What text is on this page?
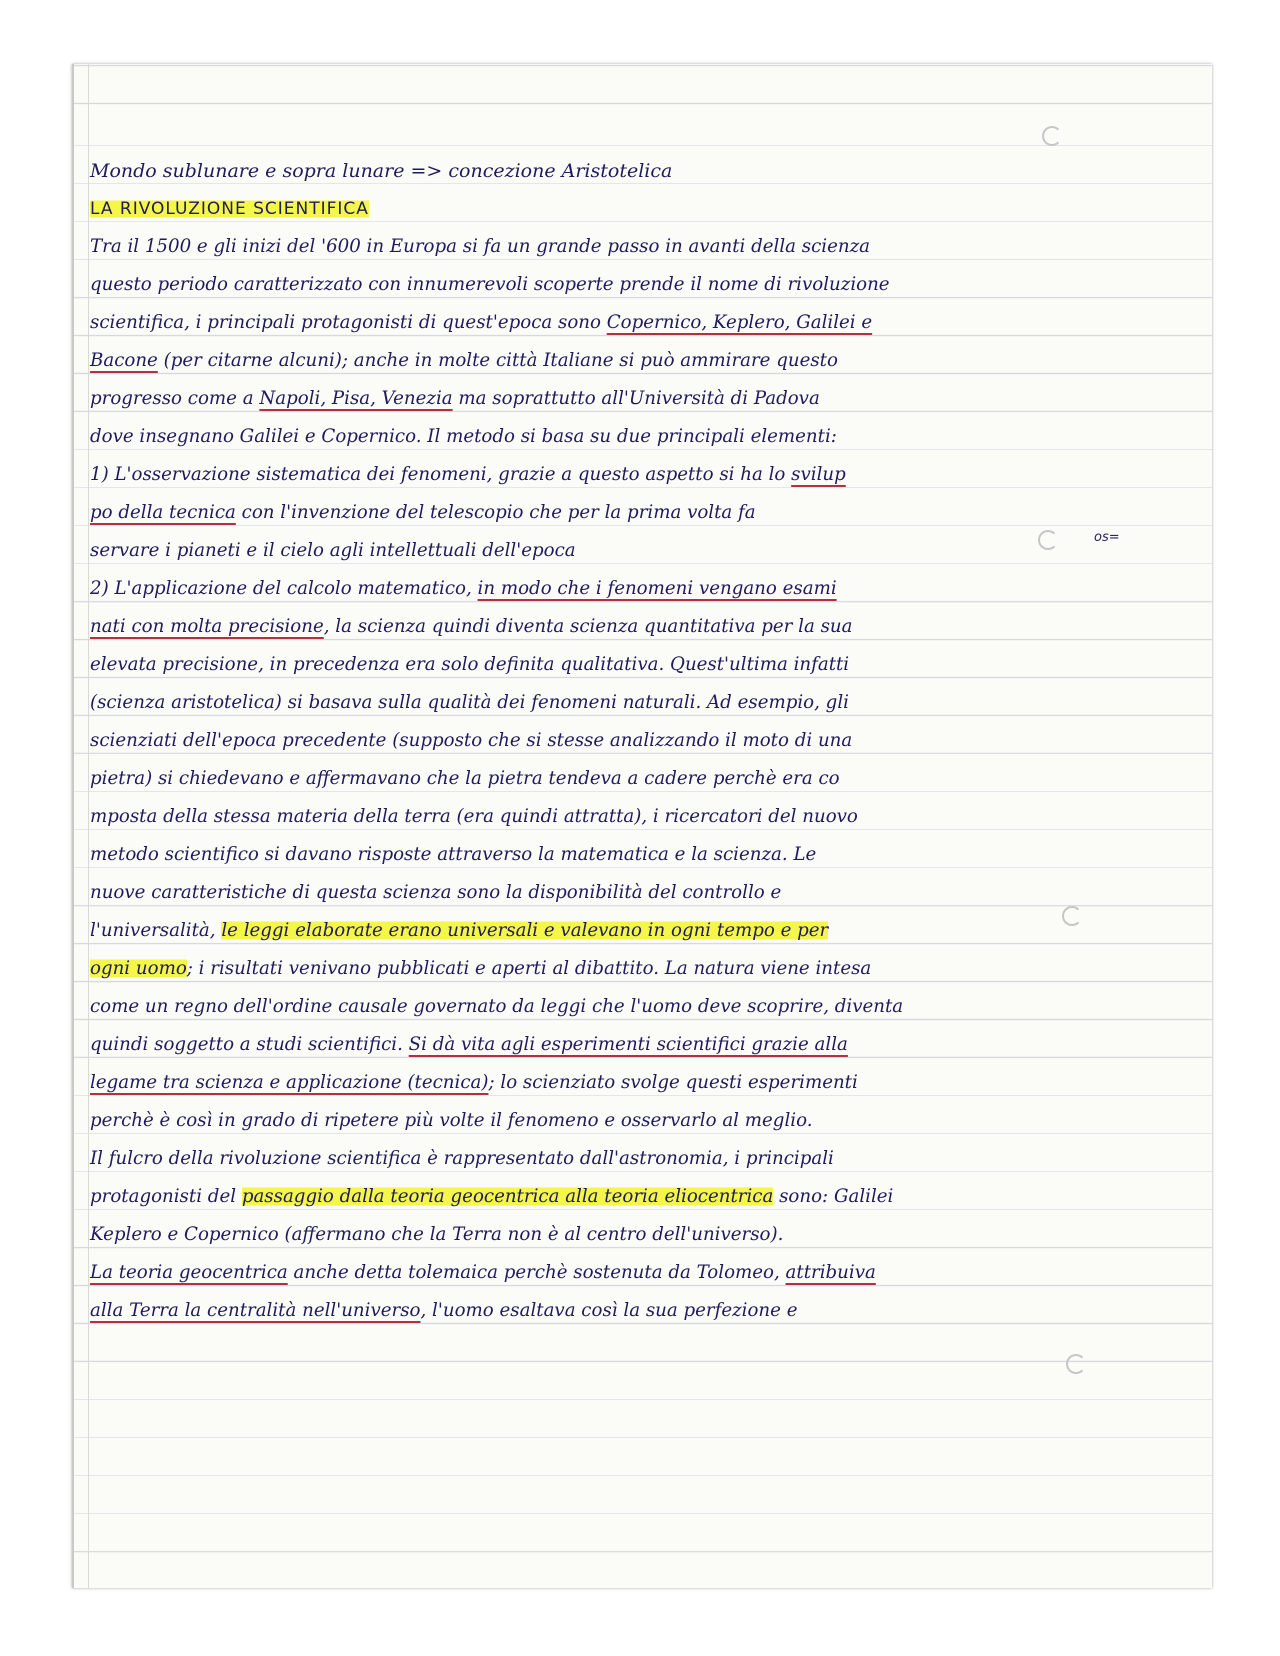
Mondo sublunare e sopra lunare => concezione Aristotelica
LA RIVOLUZIONE SCIENTIFICA
Tra il 1500 e gli inizi del '600 in Europa si fa un grande passo in avanti della scienza
questo periodo caratterizzato con innumerevoli scoperte prende il nome di rivoluzione
scientifica, i principali protagonisti di quest'epoca sono Copernico, Keplero, Galilei e
Bacone (per citarne alcuni); anche in molte città Italiane si può ammirare questo
progresso come a Napoli, Pisa, Venezia ma soprattutto all'Università di Padova
dove insegnano Galilei e Copernico. Il metodo si basa su due principali elementi:
1) L'osservazione sistematica dei fenomeni, grazie a questo aspetto si ha lo svilup
po della tecnica con l'invenzione del telescopio che per la prima volta fa
servare i pianeti e il cielo agli intellettuali dell'epoca
2) L'applicazione del calcolo matematico, in modo che i fenomeni vengano esami
nati con molta precisione, la scienza quindi diventa scienza quantitativa per la sua
elevata precisione, in precedenza era solo definita qualitativa. Quest'ultima infatti
(scienza aristotelica) si basava sulla qualità dei fenomeni naturali. Ad esempio, gli
scienziati dell'epoca precedente (supposto che si stesse analizzando il moto di una
pietra) si chiedevano e affermavano che la pietra tendeva a cadere perchè era co
mposta della stessa materia della terra (era quindi attratta), i ricercatori del nuovo
metodo scientifico si davano risposte attraverso la matematica e la scienza. Le
nuove caratteristiche di questa scienza sono la disponibilità del controllo e
l'universalità, le leggi elaborate erano universali e valevano in ogni tempo e per
ogni uomo; i risultati venivano pubblicati e aperti al dibattito. La natura viene intesa
come un regno dell'ordine causale governato da leggi che l'uomo deve scoprire, diventa
quindi soggetto a studi scientifici. Si dà vita agli esperimenti scientifici grazie alla
legame tra scienza e applicazione (tecnica); lo scienziato svolge questi esperimenti
perchè è così in grado di ripetere più volte il fenomeno e osservarlo al meglio.
Il fulcro della rivoluzione scientifica è rappresentato dall'astronomia, i principali
protagonisti del passaggio dalla teoria geocentrica alla teoria eliocentrica sono: Galilei
Keplero e Copernico (affermano che la Terra non è al centro dell'universo).
La teoria geocentrica anche detta tolemaica perchè sostenuta da Tolomeo, attribuiva
alla Terra la centralità nell'universo, l'uomo esaltava così la sua perfezione e
os=
